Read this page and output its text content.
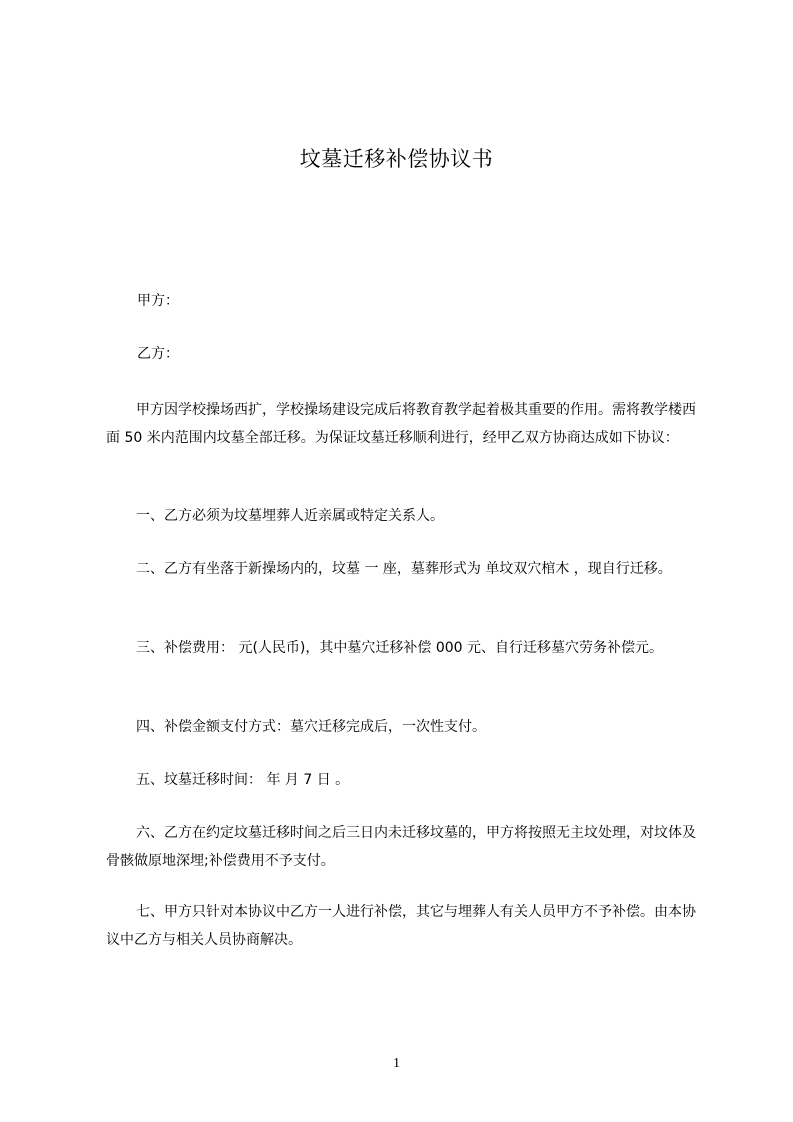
坟墓迁移补偿协议书
甲方：
乙方：
甲方因学校操场西扩，学校操场建设完成后将教育教学起着极其重要的作用。需将教学楼西面 50 米内范围内坟墓全部迁移。为保证坟墓迁移顺利进行，经甲乙双方协商达成如下协议：
一、乙方必须为坟墓埋葬人近亲属或特定关系人。
二、乙方有坐落于新操场内的，坟墓 一 座，墓葬形式为 单坟双穴棺木 ，现自行迁移。
三、补偿费用： 元(人民币)，其中墓穴迁移补偿 000 元、自行迁移墓穴劳务补偿元。
四、补偿金额支付方式：墓穴迁移完成后，一次性支付。
五、坟墓迁移时间： 年 月 7 日 。
六、乙方在约定坟墓迁移时间之后三日内未迁移坟墓的，甲方将按照无主坟处理，对坟体及骨骸做原地深埋;补偿费用不予支付。
七、甲方只针对本协议中乙方一人进行补偿，其它与埋葬人有关人员甲方不予补偿。由本协议中乙方与相关人员协商解决。
1
